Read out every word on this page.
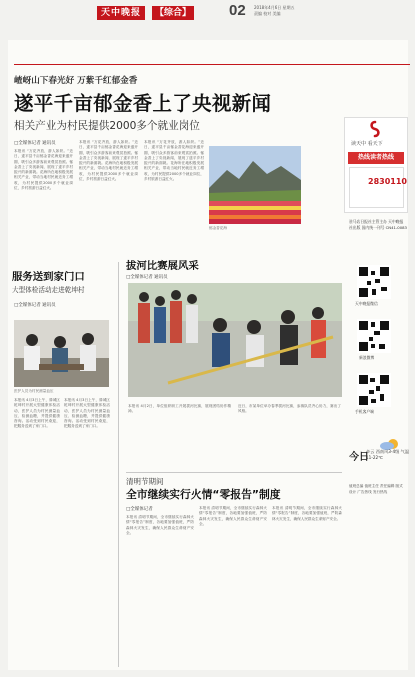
天中晚报	【综合】	02 2018年4月6日 星期五
责编 校对 美编
嵖岈山下春光好 万紫千红郁金香
遂平千亩郁金香上了央视新闻
相关产业为村民提供2000多个就业岗位
□全媒体记者 通讯员
本报讯 “万花齐放，游人如织。”近日，遂平县千亩郁金香花海迎来盛开期，吸引众多游客前来观赏拍照。郁金香上了央视新闻，展现了遂平乡村振兴的新面貌。花海所在地积极发展相关产业，带动当地村民就近务工增收，为村民提供2000多个就业岗位，乡村旅游日益红火。
本报讯 “万花齐放，游人如织。”近日，遂平县千亩郁金香花海迎来盛开期，吸引众多游客前来观赏拍照。郁金香上了央视新闻，展现了遂平乡村振兴的新面貌。花海所在地积极发展相关产业，带动当地村民就近务工增收，为村民提供2000多个就业岗位，乡村旅游日益红火。
本报讯 “万花齐放，游人如织。”近日，遂平县千亩郁金香花海迎来盛开期，吸引众多游客前来观赏拍照。郁金香上了央视新闻，展现了遂平乡村振兴的新面貌。花海所在地积极发展相关产业，带动当地村民就近务工增收，为村民提供2000多个就业岗位，乡村旅游日益红火。
郁金香花海
读天中 看天下
热线读者热线
2830110
驻马店日报社主管主办 天中晚报社出版 国内统一刊号 CN41-0083
天中晚报微信
新浪微博
手机客户端
今日
多云 西南风3-4级 气温11-22℃
值班总编 值班主任 责任编辑 版式设计 广告热线 发行热线
服务送到家门口
大型体检活动走进乾坤村
□全媒体记者 通讯员
医护人员为村民测量血压
本报讯 4月3日上午，驿城区乾坤村开展大型健康体检活动，医护人员为村民测量血压、检测血糖，并提供健康咨询。活动受到村民欢迎，把服务送到了家门口。
本报讯 4月3日上午，驿城区乾坤村开展大型健康体检活动，医护人员为村民测量血压、检测血糖，并提供健康咨询。活动受到村民欢迎，把服务送到了家门口。
拔河比赛展风采
□全媒体记者 通讯员
本报讯 4月2日，单位组织职工开展拔河比赛，展现团结协作精神。
近日，市某单位举办春季拔河比赛，参赛队员齐心协力，赛出了风格。
清明节期间
全市继续实行火情“零报告”制度
□全媒体记者
本报讯 清明节期间，全市继续实行森林火情“零报告”制度，各地要加强值班，严防森林火灾发生，确保人民群众生命财产安全。
本报讯 清明节期间，全市继续实行森林火情“零报告”制度，各地要加强值班，严防森林火灾发生，确保人民群众生命财产安全。
本报讯 清明节期间，全市继续实行森林火情“零报告”制度，各地要加强值班，严防森林火灾发生，确保人民群众生命财产安全。
